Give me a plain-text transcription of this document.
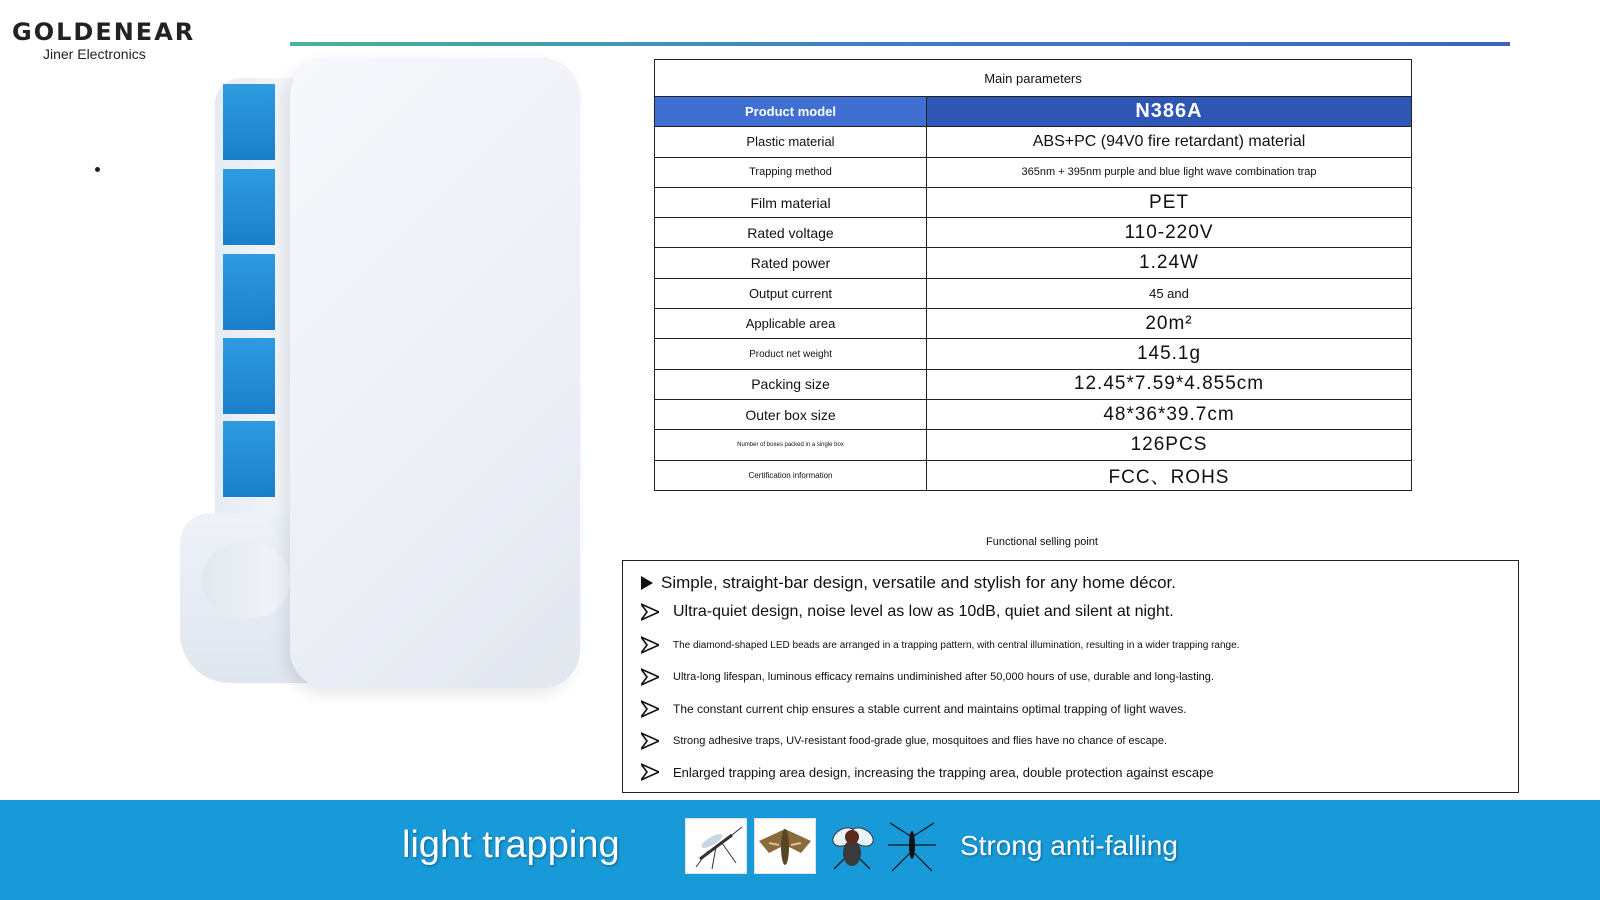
GOLDENEAR
Jiner Electronics
Main parameters	
Product model	N386A
Plastic material	ABS+PC (94V0 fire retardant) material
Trapping method	365nm + 395nm purple and blue light wave combination trap
Film material	PET
Rated voltage	110-220V
Rated power	1.24W
Output current	45 and
Applicable area	20m²
Product net weight	145.1g
Packing size	12.45*7.59*4.855cm
Outer box size	48*36*39.7cm
Number of boxes packed in a single box	126PCS
Certification information	FCC、ROHS
Functional selling point
Simple, straight-bar design, versatile and stylish for any home décor.
Ultra-quiet design, noise level as low as 10dB, quiet and silent at night.
The diamond-shaped LED beads are arranged in a trapping pattern, with central illumination, resulting in a wider trapping range.
Ultra-long lifespan, luminous efficacy remains undiminished after 50,000 hours of use, durable and long-lasting.
The constant current chip ensures a stable current and maintains optimal trapping of light waves.
Strong adhesive traps, UV-resistant food-grade glue, mosquitoes and flies have no chance of escape.
Enlarged trapping area design, increasing the trapping area, double protection against escape
light trapping	Strong anti-falling
